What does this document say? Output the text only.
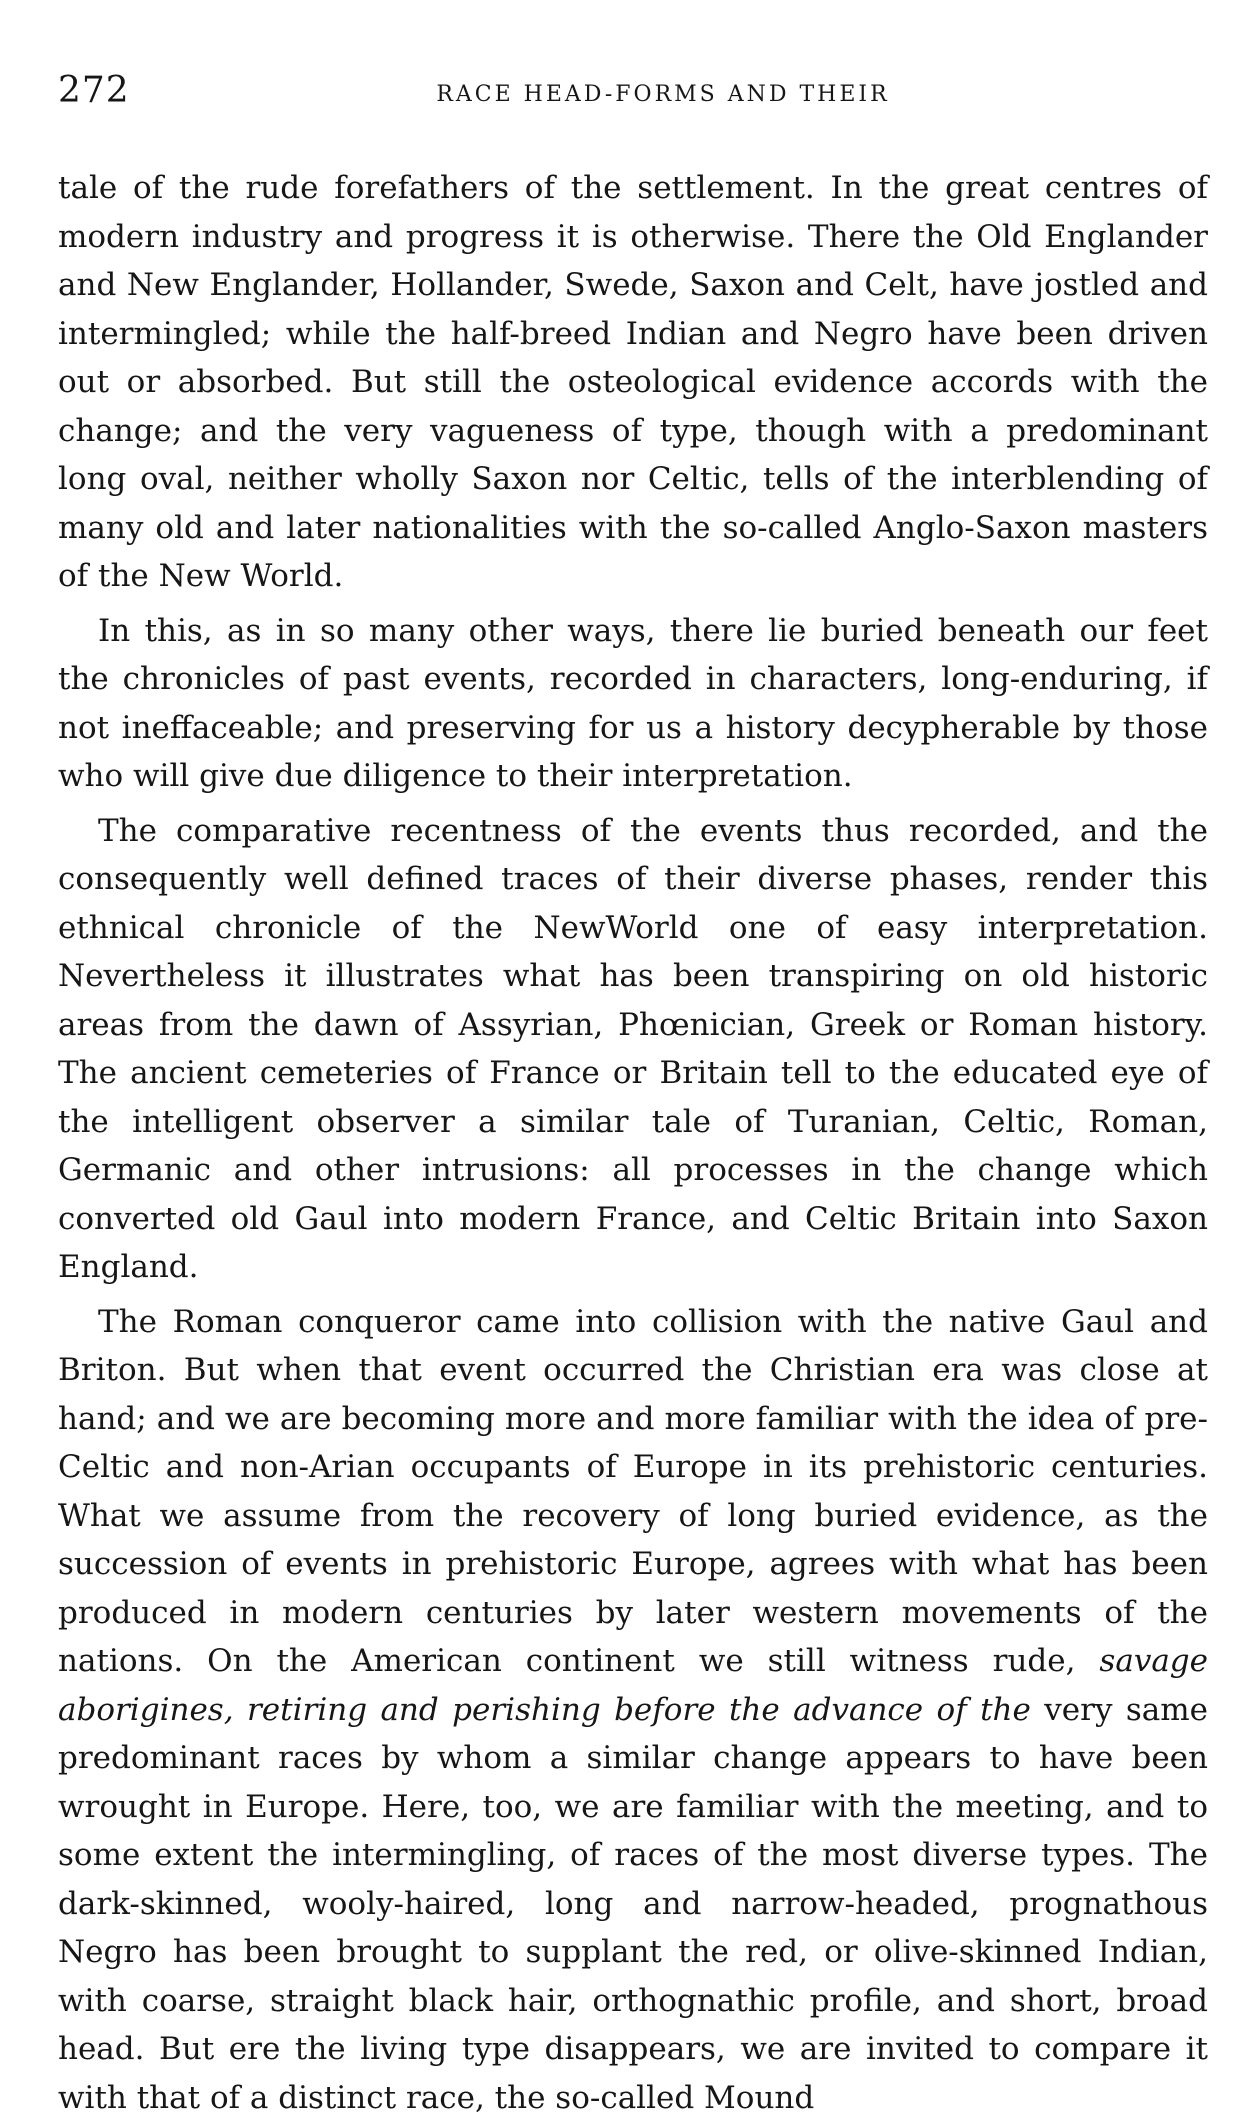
272	RACE HEAD-FORMS AND THEIR

tale of the rude forefathers of the settlement. In the great centres of modern industry and progress it is otherwise. There the Old Englander and New Englander, Hollander, Swede, Saxon and Celt, have jostled and intermingled; while the half-breed Indian and Negro have been driven out or absorbed. But still the osteological evidence accords with the change; and the very vagueness of type, though with a predominant long oval, neither wholly Saxon nor Celtic, tells of the interblending of many old and later nationalities with the so-called Anglo-Saxon masters of the New World.

In this, as in so many other ways, there lie buried beneath our feet the chronicles of past events, recorded in characters, long-enduring, if not ineffaceable; and preserving for us a history decypherable by those who will give due diligence to their interpretation.

The comparative recentness of the events thus recorded, and the consequently well defined traces of their diverse phases, render this ethnical chronicle of the NewWorld one of easy interpretation. Nevertheless it illustrates what has been transpiring on old historic areas from the dawn of Assyrian, Phœnician, Greek or Roman history. The ancient cemeteries of France or Britain tell to the educated eye of the intelligent observer a similar tale of Turanian, Celtic, Roman, Germanic and other intrusions: all processes in the change which converted old Gaul into modern France, and Celtic Britain into Saxon England.

The Roman conqueror came into collision with the native Gaul and Briton. But when that event occurred the Christian era was close at hand; and we are becoming more and more familiar with the idea of pre-Celtic and non-Arian occupants of Europe in its prehistoric centuries. What we assume from the recovery of long buried evidence, as the succession of events in prehistoric Europe, agrees with what has been produced in modern centuries by later western movements of the nations. On the American continent we still witness rude, savage aborigines, retiring and perishing before the advance of the very same predominant races by whom a similar change appears to have been wrought in Europe. Here, too, we are familiar with the meeting, and to some extent the intermingling, of races of the most diverse types. The dark-skinned, wooly-haired, long and narrow-headed, prognathous Negro has been brought to supplant the red, or olive-skinned Indian, with coarse, straight black hair, orthognathic profile, and short, broad head. But ere the living type disappears, we are invited to compare it with that of a distinct race, the so-called Mound
